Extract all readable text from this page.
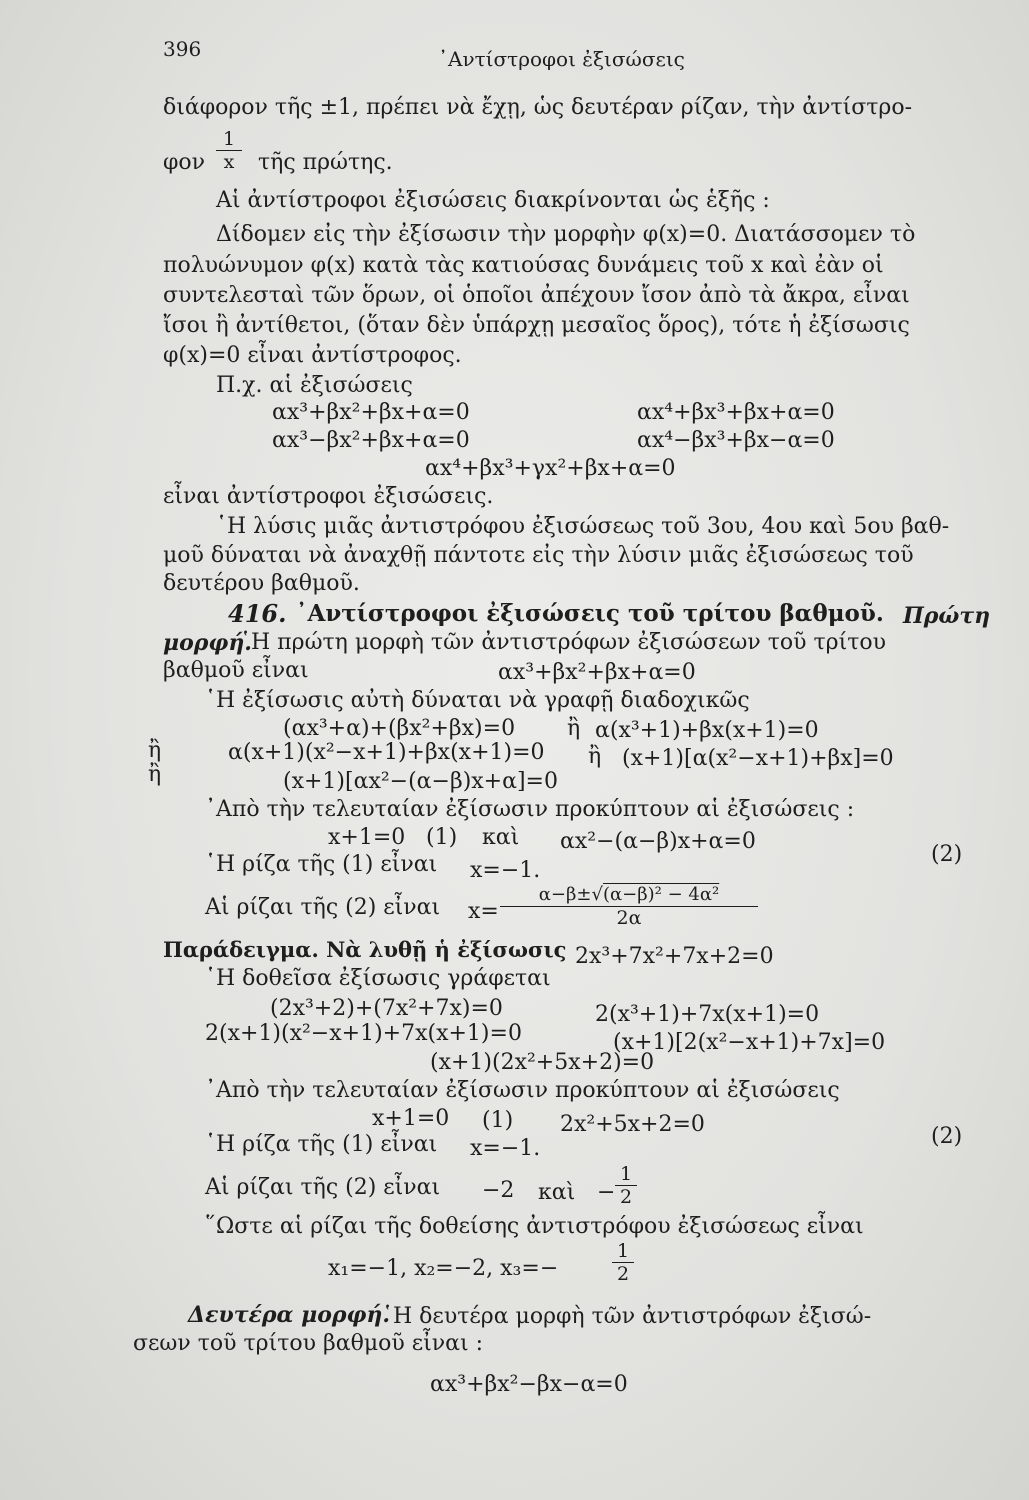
396	᾿Αντίστροφοι ἐξισώσεις
διάφορον τῆς ±1, πρέπει νὰ ἔχῃ, ὡς δευτέραν ρίζαν, τὴν ἀντίστρο-
φον
1
x	τῆς πρώτης.
Αἱ ἀντίστροφοι ἐξισώσεις διακρίνονται ὡς ἑξῆς :
Δίδομεν εἰς τὴν ἐξίσωσιν τὴν μορφὴν φ(x)=0. Διατάσσομεν τὸ
πολυώνυμον φ(x) κατὰ τὰς κατιούσας δυνάμεις τοῦ x καὶ ἐὰν οἱ
συντελεσταὶ τῶν ὅρων, οἱ ὁποῖοι ἀπέχουν ἴσον ἀπὸ τὰ ἄκρα, εἶναι
ἴσοι ἢ ἀντίθετοι, (ὅταν δὲν ὑπάρχῃ μεσαῖος ὅρος), τότε ἡ ἐξίσωσις
φ(x)=0 εἶναι ἀντίστροφος.
Π.χ. αἱ ἐξισώσεις
αx³+βx²+βx+α=0	αx⁴+βx³+βx+α=0
αx³−βx²+βx+α=0	αx⁴−βx³+βx−α=0
αx⁴+βx³+γx²+βx+α=0
εἶναι ἀντίστροφοι ἐξισώσεις.
῾Η λύσις μιᾶς ἀντιστρόφου ἐξισώσεως τοῦ 3ου, 4ου καὶ 5ου βαθ-
μοῦ δύναται νὰ ἀναχθῇ πάντοτε εἰς τὴν λύσιν μιᾶς ἐξισώσεως τοῦ
δευτέρου βαθμοῦ.
416. ᾿Αντίστροφοι ἐξισώσεις τοῦ τρίτου βαθμοῦ. Πρώτη
μορφή.
῾Η πρώτη μορφὴ τῶν ἀντιστρόφων ἐξισώσεων τοῦ τρίτου
βαθμοῦ εἶναι	αx³+βx²+βx+α=0
῾Η ἐξίσωσις αὐτὴ δύναται νὰ γραφῇ διαδοχικῶς
(αx³+α)+(βx²+βx)=0 ἢ α(x³+1)+βx(x+1)=0
ἢ	α(x+1)(x²−x+1)+βx(x+1)=0 ἢ (x+1)[α(x²−x+1)+βx]=0
ἢ	(x+1)[αx²−(α−β)x+α]=0
᾿Απὸ τὴν τελευταίαν ἐξίσωσιν προκύπτουν αἱ ἐξισώσεις :
x+1=0 (1) καὶ αx²−(α−β)x+α=0
(2)
῾Η ρίζα τῆς (1) εἶναι x=−1.
Αἱ ρίζαι τῆς (2) εἶναι x=
α−β±√(α−β)² − 4α²
2α
Παράδειγμα. Νὰ λυθῇ ἡ ἐξίσωσις 2x³+7x²+7x+2=0
῾Η δοθεῖσα ἐξίσωσις γράφεται
(2x³+2)+(7x²+7x)=0	2(x³+1)+7x(x+1)=0
2(x+1)(x²−x+1)+7x(x+1)=0	(x+1)[2(x²−x+1)+7x]=0
(x+1)(2x²+5x+2)=0
᾿Απὸ τὴν τελευταίαν ἐξίσωσιν προκύπτουν αἱ ἐξισώσεις
x+1=0 (1) 2x²+5x+2=0	(2)
῾Η ρίζα τῆς (1) εἶναι x=−1.
Αἱ ρίζαι τῆς (2) εἶναι −2 καὶ −
1
2
῞Ωστε αἱ ρίζαι τῆς δοθείσης ἀντιστρόφου ἐξισώσεως εἶναι
x₁=−1, x₂=−2, x₃=−
1
2
Δευτέρα μορφή.
῾Η δευτέρα μορφὴ τῶν ἀντιστρόφων ἐξισώ-
σεων τοῦ τρίτου βαθμοῦ εἶναι :
αx³+βx²−βx−α=0
